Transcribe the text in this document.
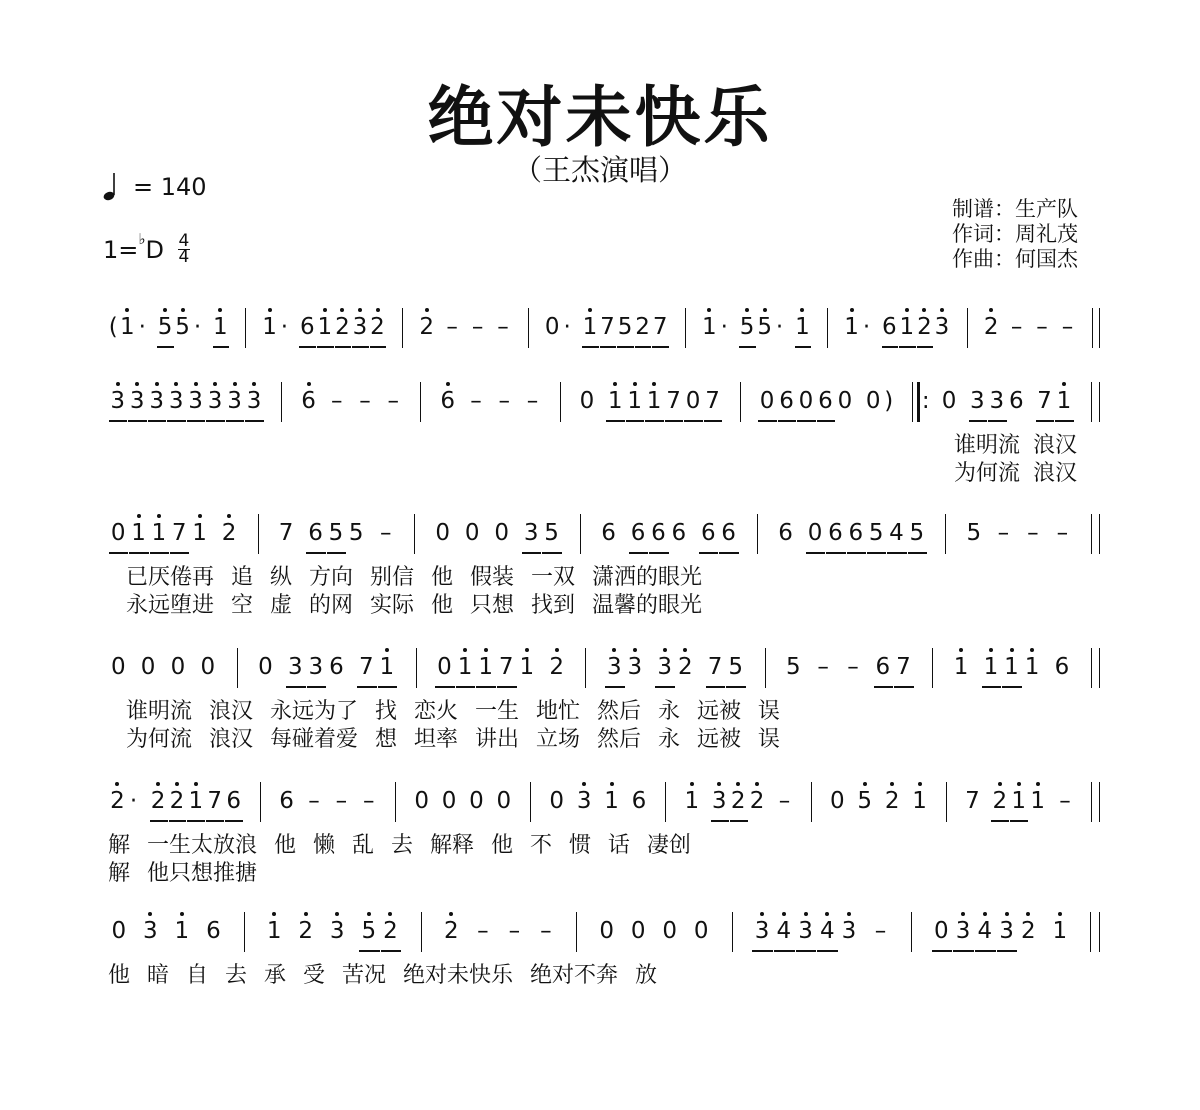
绝对未快乐
（王杰演唱）
= 140
1= ♭ D $\frac{4}{4}$
制谱：生产队
作词：周礼茂
作曲：何国杰
( 1 · 5 5 · 1 1 · 6 1 2 3 2 2 – – – 0 · 1 7 5 2 7 1 · 5 5 · 1 1 · 6 1 2 3 2 – – –
3 3 3 3 3 3 3 3 6 – – – 6 – – – 0 1 1 1 7 0 7 0 6 0 6 0 0 ) : 0 3 3 6 7 1
谁明流 浪汉
为何流 浪汉
0 1 1 7 1 2 7 6 5 5 – 0 0 0 3 5 6 6 6 6 6 6 6 0 6 6 5 4 5 5 – – –
已厌倦再 追 纵 方向 别信 他 假装 一双 潇洒的眼光
永远堕进 空 虚 的网 实际 他 只想 找到 温馨的眼光
0 0 0 0 0 3 3 6 7 1 0 1 1 7 1 2 3 3 3 2 7 5 5 – – 6 7 1 1 1 1 6
谁明流 浪汉 永远为了 找 恋火 一生 地忙 然后 永 远被 误
为何流 浪汉 每碰着爱 想 坦率 讲出 立场 然后 永 远被 误
2 · 2 2 1 7 6 6 – – – 0 0 0 0 0 3 1 6 1 3 2 2 – 0 5 2 1 7 2 1 1 –
解 一生太放浪 他 懒 乱 去 解释 他 不 惯 话 凄创
解 他只想推搪
0 3 1 6 1 2 3 5 2 2 – – – 0 0 0 0 3 4 3 4 3 – 0 3 4 3 2 1
他 暗 自 去 承 受 苦况 绝对未快乐 绝对不奔 放
